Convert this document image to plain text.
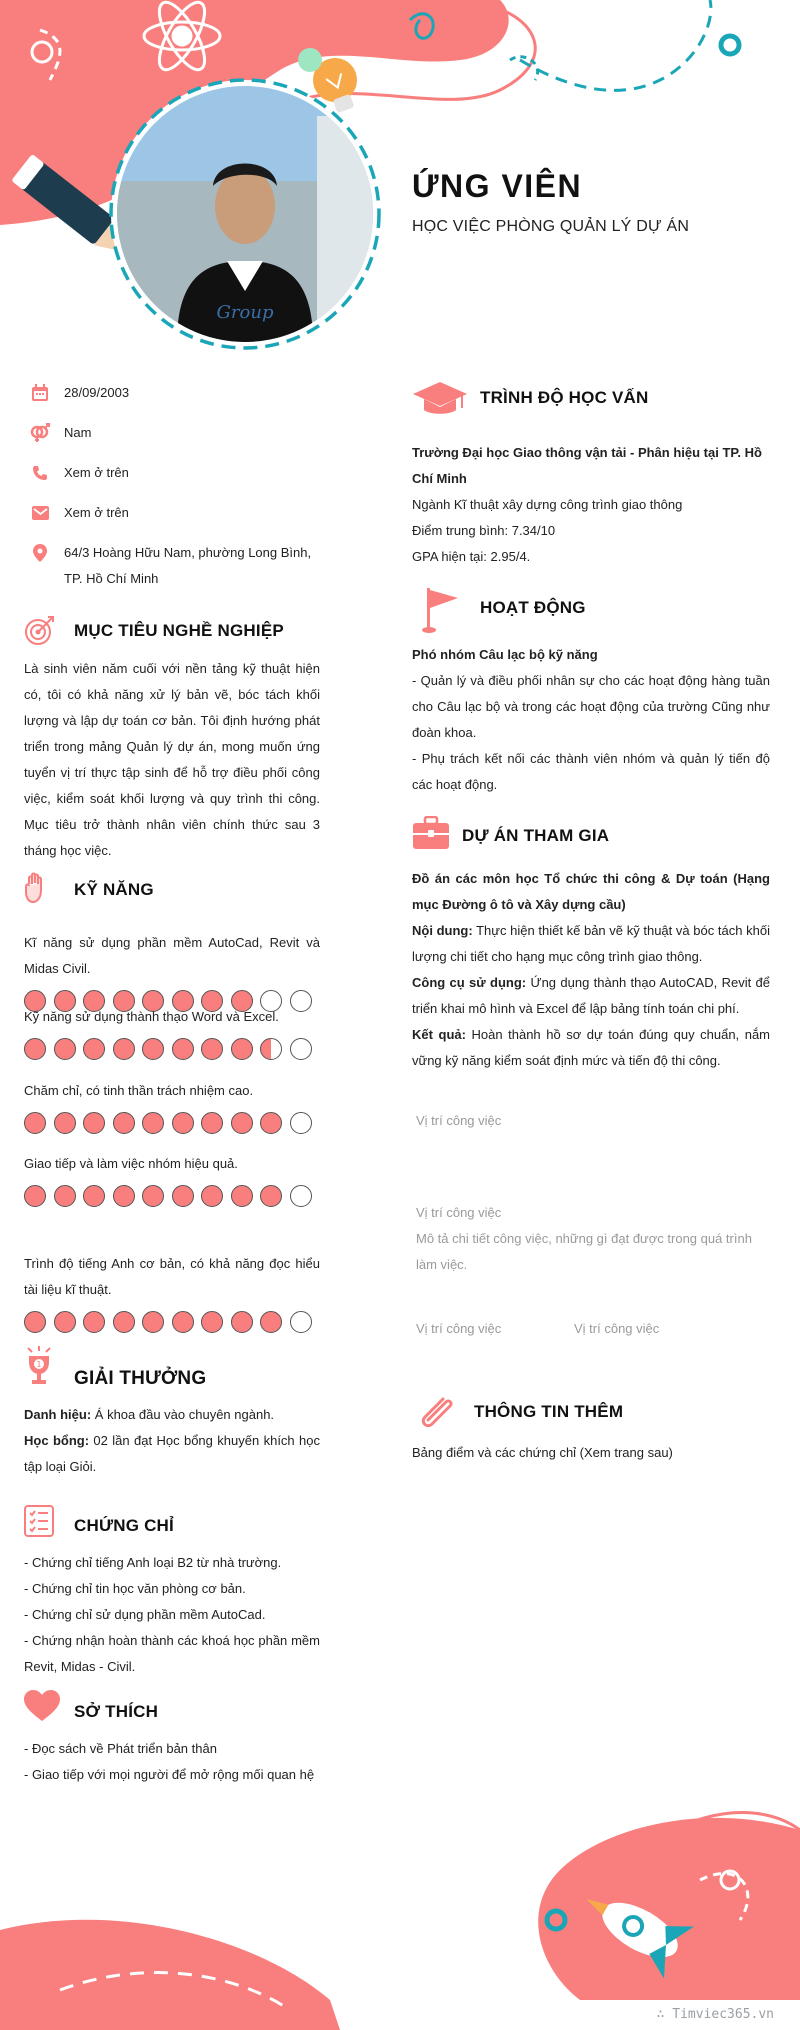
Group
ỨNG VIÊN
HỌC VIỆC PHÒNG QUẢN LÝ DỰ ÁN
28/09/2003
Nam
Xem ở trên
Xem ở trên
64/3 Hoàng Hữu Nam, phường Long Bình, TP. Hồ Chí Minh
MỤC TIÊU NGHỀ NGHIỆP
Là sinh viên năm cuối với nền tảng kỹ thuật hiện có, tôi có khả năng xử lý bản vẽ, bóc tách khối lượng và lập dự toán cơ bản. Tôi định hướng phát triển trong mảng Quản lý dự án, mong muốn ứng tuyển vị trí thực tập sinh để hỗ trợ điều phối công việc, kiểm soát khối lượng và quy trình thi công. Mục tiêu trở thành nhân viên chính thức sau 3 tháng học việc.
KỸ NĂNG
Kĩ năng sử dụng phần mềm AutoCad, Revit và Midas Civil.
Kỹ năng sử dụng thành thạo Word và Excel.
Chăm chỉ, có tinh thần trách nhiệm cao.
Giao tiếp và làm việc nhóm hiệu quả.
Trình độ tiếng Anh cơ bản, có khả năng đọc hiểu tài liệu kĩ thuật.
1
GIẢI THƯỞNG
Danh hiệu: Á khoa đầu vào chuyên ngành.
Học bổng: 02 lần đạt Học bổng khuyến khích học tập loại Giỏi.
CHỨNG CHỈ
- Chứng chỉ tiếng Anh loại B2 từ nhà trường.
- Chứng chỉ tin học văn phòng cơ bản.
- Chứng chỉ sử dụng phần mềm AutoCad.
- Chứng nhận hoàn thành các khoá học phần mềm Revit, Midas - Civil.
SỞ THÍCH
- Đọc sách về Phát triển bản thân
- Giao tiếp với mọi người để mở rộng mối quan hệ
TRÌNH ĐỘ HỌC VẤN
Trường Đại học Giao thông vận tải - Phân hiệu tại TP. Hồ Chí Minh
Ngành Kĩ thuật xây dựng công trình giao thông
Điểm trung bình: 7.34/10
GPA hiện tại: 2.95/4.
HOẠT ĐỘNG
Phó nhóm Câu lạc bộ kỹ năng
- Quản lý và điều phối nhân sự cho các hoạt động hàng tuần cho Câu lạc bộ và trong các hoạt động của trường Cũng như đoàn khoa.
- Phụ trách kết nối các thành viên nhóm và quản lý tiến độ các hoạt động.
DỰ ÁN THAM GIA
Đồ án các môn học Tổ chức thi công & Dự toán (Hạng mục Đường ô tô và Xây dựng cầu)
Nội dung: Thực hiện thiết kế bản vẽ kỹ thuật và bóc tách khối lượng chi tiết cho hạng mục công trình giao thông.
Công cụ sử dụng: Ứng dụng thành thạo AutoCAD, Revit để triển khai mô hình và Excel để lập bảng tính toán chi phí.
Kết quả: Hoàn thành hồ sơ dự toán đúng quy chuẩn, nắm vững kỹ năng kiểm soát định mức và tiến độ thi công.
Vị trí công việc
Vị trí công việc
Mô tả chi tiết công việc, những gì đạt được trong quá trình làm việc.
Vị trí công việc	Vị trí công việc
THÔNG TIN THÊM
Bảng điểm và các chứng chỉ (Xem trang sau)
∴ Timviec365.vn
